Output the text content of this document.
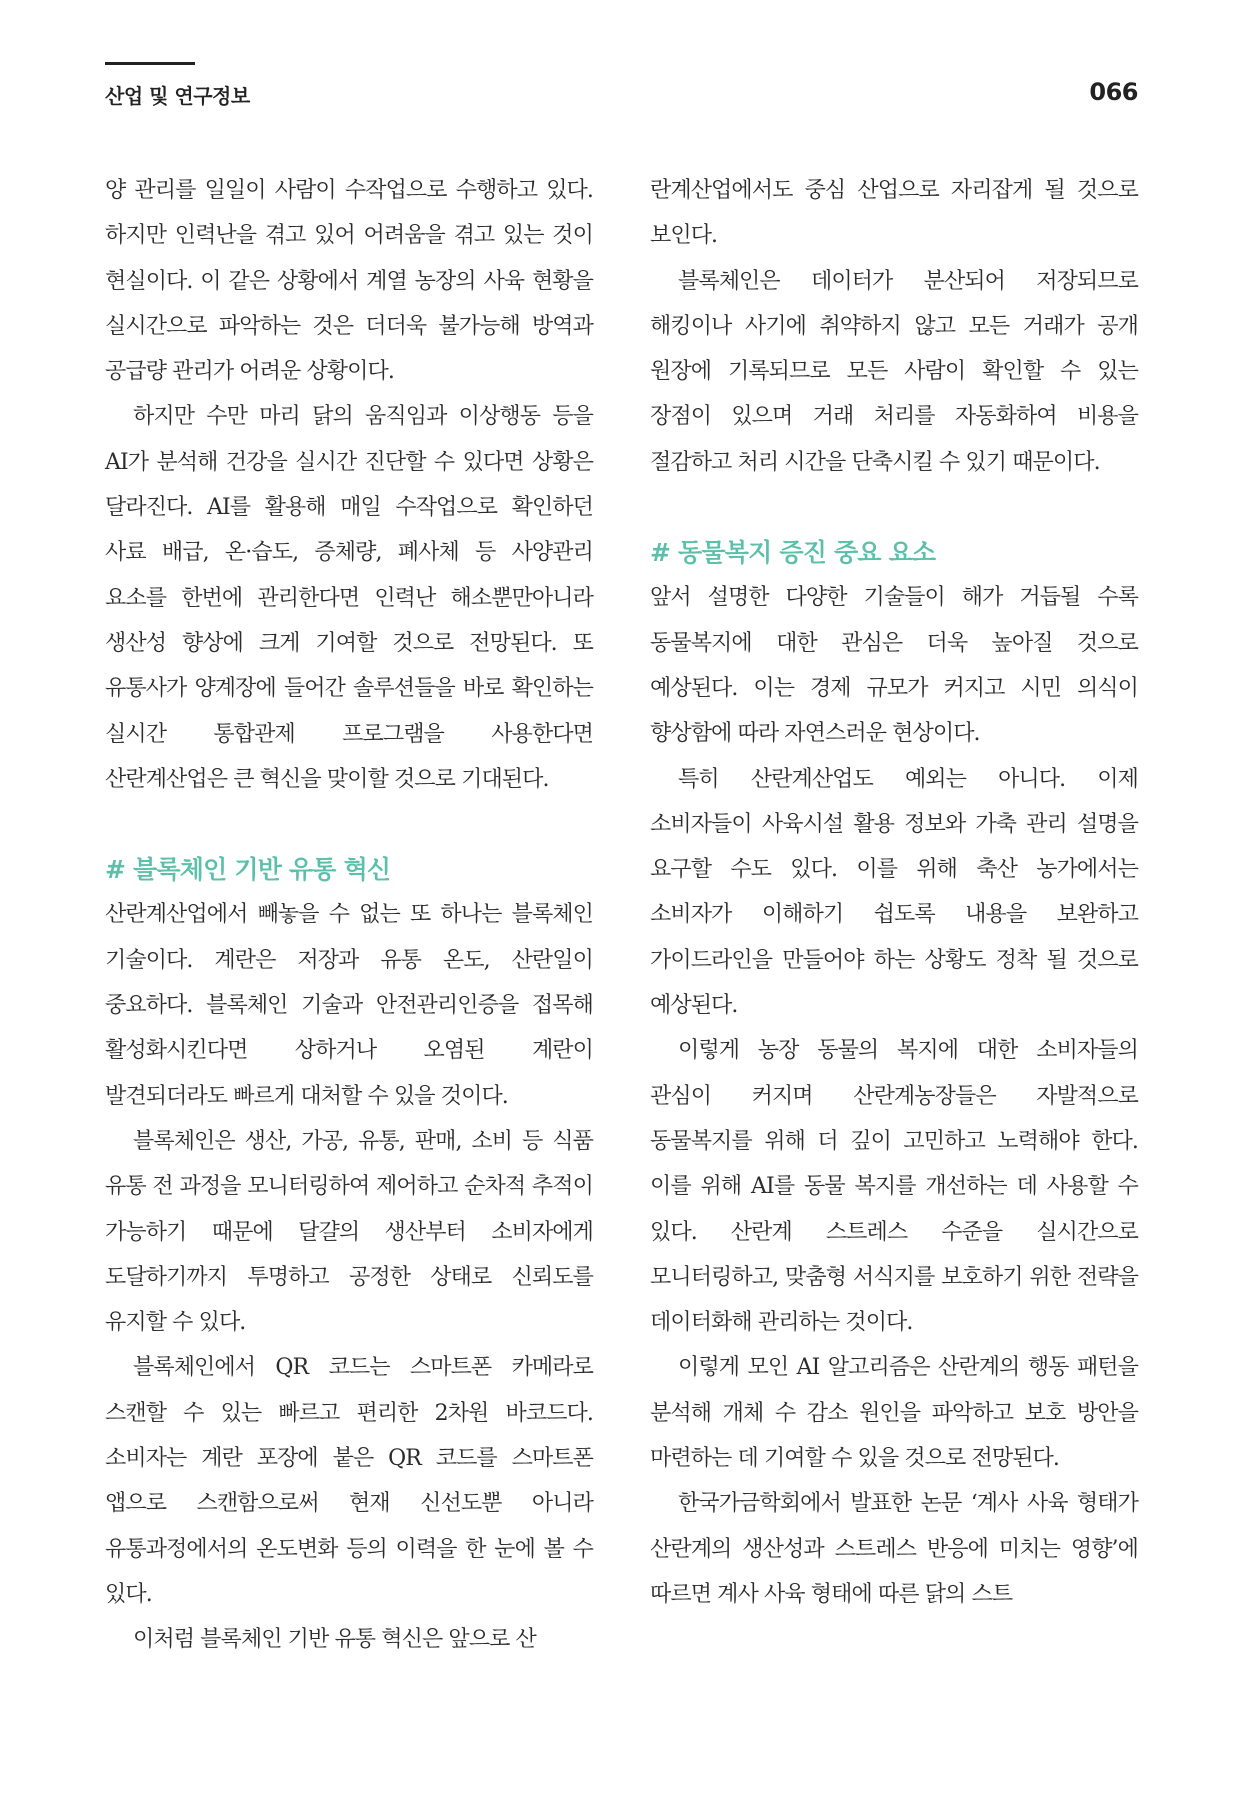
산업 및 연구정보	066

양 관리를 일일이 사람이 수작업으로 수행하고 있다. 하지만 인력난을 겪고 있어 어려움을 겪고 있는 것이 현실이다. 이 같은 상황에서 계열 농장의 사육 현황을 실시간으로 파악하는 것은 더더욱 불가능해 방역과 공급량 관리가 어려운 상황이다.

하지만 수만 마리 닭의 움직임과 이상행동 등을 AI가 분석해 건강을 실시간 진단할 수 있다면 상황은 달라진다. AI를 활용해 매일 수작업으로 확인하던 사료 배급, 온·습도, 증체량, 폐사체 등 사양관리 요소를 한번에 관리한다면 인력난 해소뿐만아니라 생산성 향상에 크게 기여할 것으로 전망된다. 또 유통사가 양계장에 들어간 솔루션들을 바로 확인하는 실시간 통합관제 프로그램을 사용한다면 산란계산업은 큰 혁신을 맞이할 것으로 기대된다.

# 블록체인 기반 유통 혁신

산란계산업에서 빼놓을 수 없는 또 하나는 블록체인 기술이다. 계란은 저장과 유통 온도, 산란일이 중요하다. 블록체인 기술과 안전관리인증을 접목해 활성화시킨다면 상하거나 오염된 계란이 발견되더라도 빠르게 대처할 수 있을 것이다.

블록체인은 생산, 가공, 유통, 판매, 소비 등 식품 유통 전 과정을 모니터링하여 제어하고 순차적 추적이 가능하기 때문에 달걀의 생산부터 소비자에게 도달하기까지 투명하고 공정한 상태로 신뢰도를 유지할 수 있다.

블록체인에서 QR 코드는 스마트폰 카메라로 스캔할 수 있는 빠르고 편리한 2차원 바코드다. 소비자는 계란 포장에 붙은 QR 코드를 스마트폰 앱으로 스캔함으로써 현재 신선도뿐 아니라 유통과정에서의 온도변화 등의 이력을 한 눈에 볼 수 있다.

이처럼 블록체인 기반 유통 혁신은 앞으로 산

란계산업에서도 중심 산업으로 자리잡게 될 것으로 보인다.

블록체인은 데이터가 분산되어 저장되므로 해킹이나 사기에 취약하지 않고 모든 거래가 공개 원장에 기록되므로 모든 사람이 확인할 수 있는 장점이 있으며 거래 처리를 자동화하여 비용을 절감하고 처리 시간을 단축시킬 수 있기 때문이다.

# 동물복지 증진 중요 요소

앞서 설명한 다양한 기술들이 해가 거듭될 수록 동물복지에 대한 관심은 더욱 높아질 것으로 예상된다. 이는 경제 규모가 커지고 시민 의식이 향상함에 따라 자연스러운 현상이다.

특히 산란계산업도 예외는 아니다. 이제 소비자들이 사육시설 활용 정보와 가축 관리 설명을 요구할 수도 있다. 이를 위해 축산 농가에서는 소비자가 이해하기 쉽도록 내용을 보완하고 가이드라인을 만들어야 하는 상황도 정착 될 것으로 예상된다.

이렇게 농장 동물의 복지에 대한 소비자들의 관심이 커지며 산란계농장들은 자발적으로 동물복지를 위해 더 깊이 고민하고 노력해야 한다. 이를 위해 AI를 동물 복지를 개선하는 데 사용할 수 있다. 산란계 스트레스 수준을 실시간으로 모니터링하고, 맞춤형 서식지를 보호하기 위한 전략을 데이터화해 관리하는 것이다.

이렇게 모인 AI 알고리즘은 산란계의 행동 패턴을 분석해 개체 수 감소 원인을 파악하고 보호 방안을 마련하는 데 기여할 수 있을 것으로 전망된다.

한국가금학회에서 발표한 논문 ‘계사 사육 형태가 산란계의 생산성과 스트레스 반응에 미치는 영향’에 따르면 계사 사육 형태에 따른 닭의 스트
